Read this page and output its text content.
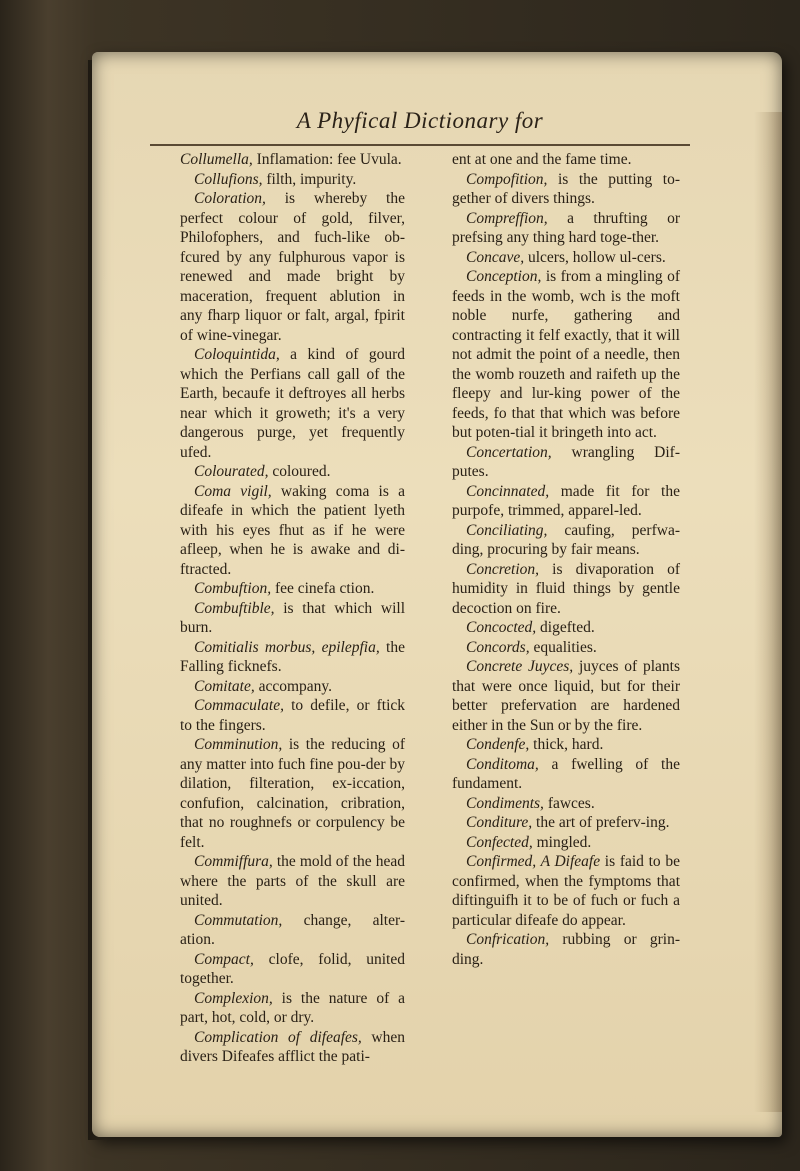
A Phyfical Dictionary for

Collumella, Inflamation: fee Uvula.

Collufions, filth, impurity.

Coloration, is whereby the perfect colour of gold, filver, Philofophers, and fuch-like ob-fcured by any fulphurous vapor is renewed and made bright by maceration, frequent ablution in any fharp liquor or falt, argal, fpirit of wine-vinegar.

Coloquintida, a kind of gourd which the Perfians call gall of the Earth, becaufe it deftroyes all herbs near which it groweth; it's a very dangerous purge, yet frequently ufed.

Colourated, coloured.

Coma vigil, waking coma is a difeafe in which the patient lyeth with his eyes fhut as if he were afleep, when he is awake and di-ftracted.

Combuftion, fee cinefa ction.

Combuftible, is that which will burn.

Comitialis morbus, epilepfia, the Falling ficknefs.

Comitate, accompany.

Commaculate, to defile, or ftick to the fingers.

Comminution, is the reducing of any matter into fuch fine pou-der by dilation, filteration, ex-iccation, confufion, calcination, cribration, that no roughnefs or corpulency be felt.

Commiffura, the mold of the head where the parts of the skull are united.

Commutation, change, alter-ation.

Compact, clofe, folid, united together.

Complexion, is the nature of a part, hot, cold, or dry.

Complication of difeafes, when divers Difeafes afflict the pati-

ent at one and the fame time.

Compofition, is the putting to-gether of divers things.

Compreffion, a thrufting or prefsing any thing hard toge-ther.

Concave, ulcers, hollow ul-cers.

Conception, is from a mingling of feeds in the womb, wch is the moft noble nurfe, gathering and contracting it felf exactly, that it will not admit the point of a needle, then the womb rouzeth and raifeth up the fleepy and lur-king power of the feeds, fo that that which was before but poten-tial it bringeth into act.

Concertation, wrangling Dif-putes.

Concinnated, made fit for the purpofe, trimmed, apparel-led.

Conciliating, caufing, perfwa-ding, procuring by fair means.

Concretion, is divaporation of humidity in fluid things by gentle decoction on fire.

Concocted, digefted.

Concords, equalities.

Concrete Juyces, juyces of plants that were once liquid, but for their better prefervation are hardened either in the Sun or by the fire.

Condenfe, thick, hard.

Conditoma, a fwelling of the fundament.

Condiments, fawces.

Conditure, the art of preferv-ing.

Confected, mingled.

Confirmed, A Difeafe is faid to be confirmed, when the fymptoms that diftinguifh it to be of fuch or fuch a particular difeafe do appear.

Confrication, rubbing or grin-ding.
